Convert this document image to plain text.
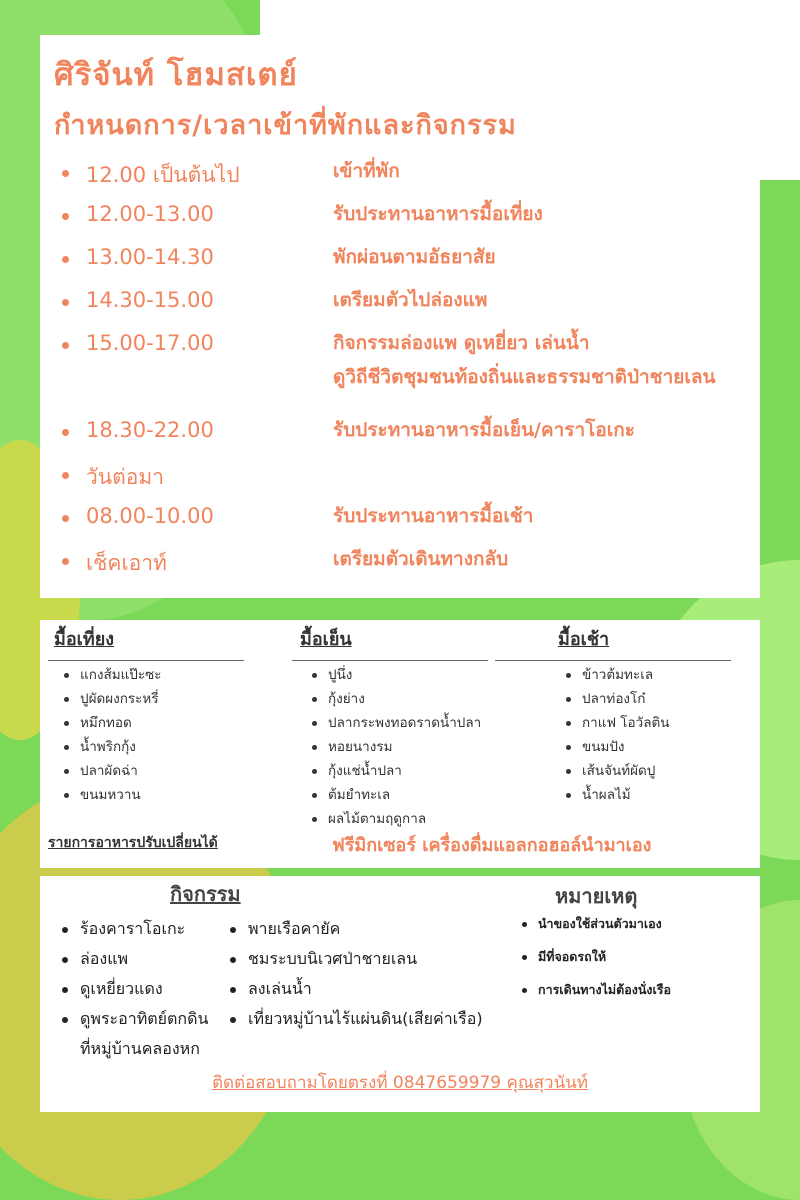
ศิริจันท์ โฮมสเตย์
กำหนดการ/เวลาเข้าที่พักและกิจกรรม
12.00 เป็นต้นไป	เข้าที่พัก
12.00-13.00	รับประทานอาหารมื้อเที่ยง
13.00-14.30	พักผ่อนตามอัธยาสัย
14.30-15.00	เตรียมตัวไปล่องแพ
15.00-17.00	กิจกรรมล่องแพ ดูเหยี่ยว เล่นน้ำ
ดูวิถีชีวิตชุมชนท้องถิ่นและธรรมชาติป่าชายเลน
18.30-22.00	รับประทานอาหารมื้อเย็น/คาราโอเกะ
วันต่อมา
08.00-10.00	รับประทานอาหารมื้อเช้า
เช็คเอาท์	เตรียมตัวเดินทางกลับ
มื้อเที่ยง
แกงส้มแป๊ะซะ
ปูผัดผงกระหรี่
หมึกทอด
น้ำพริกกุ้ง
ปลาผัดฉ่า
ขนมหวาน
มื้อเย็น
ปูนึ่ง
กุ้งย่าง
ปลากระพงทอดราดน้ำปลา
หอยนางรม
กุ้งแช่น้ำปลา
ต้มยำทะเล
ผลไม้ตามฤดูกาล
มื้อเช้า
ข้าวต้มทะเล
ปลาท่องโก๋
กาแฟ โอวัลติน
ขนมปัง
เส้นจันท์ผัดปู
น้ำผลไม้
รายการอาหารปรับเปลี่ยนได้	ฟรีมิกเซอร์ เครื่องดื่มแอลกอฮอล์นำมาเอง
กิจกรรม
ร้องคาราโอเกะ
ล่องแพ
ดูเหยี่ยวแดง
ดูพระอาทิตย์ตกดิน
ที่หมู่บ้านคลองหก
พายเรือคายัค
ชมระบบนิเวศป่าชายเลน
ลงเล่นน้ำ
เที่ยวหมู่บ้านไร้แผ่นดิน(เสียค่าเรือ)
หมายเหตุ
นำของใช้ส่วนตัวมาเอง
มีที่จอดรถให้
การเดินทางไม่ต้องนั่งเรือ
ติดต่อสอบถามโดยตรงที่ 0847659979 คุณสุวนันท์
